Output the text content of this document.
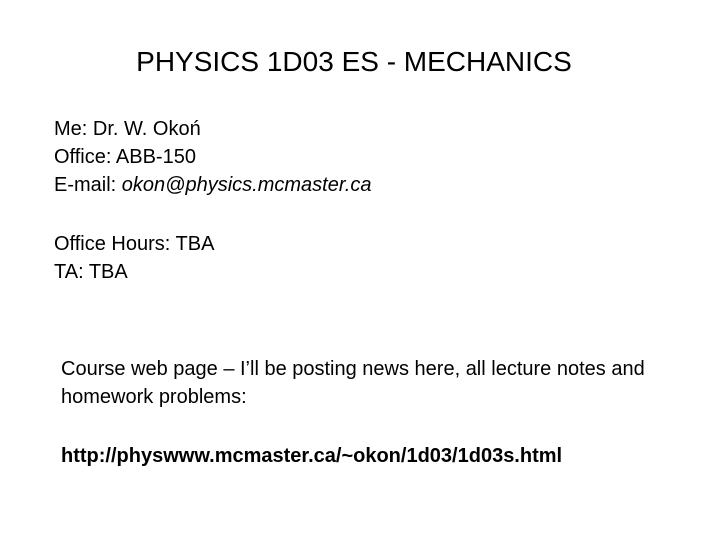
PHYSICS 1D03 ES - MECHANICS
Me: Dr. W. Okoń
Office: ABB-150
E-mail: okon@physics.mcmaster.ca
Office Hours: TBA
TA: TBA
Course web page – I’ll be posting news here, all lecture notes and homework problems:
http://physwww.mcmaster.ca/~okon/1d03/1d03s.html
